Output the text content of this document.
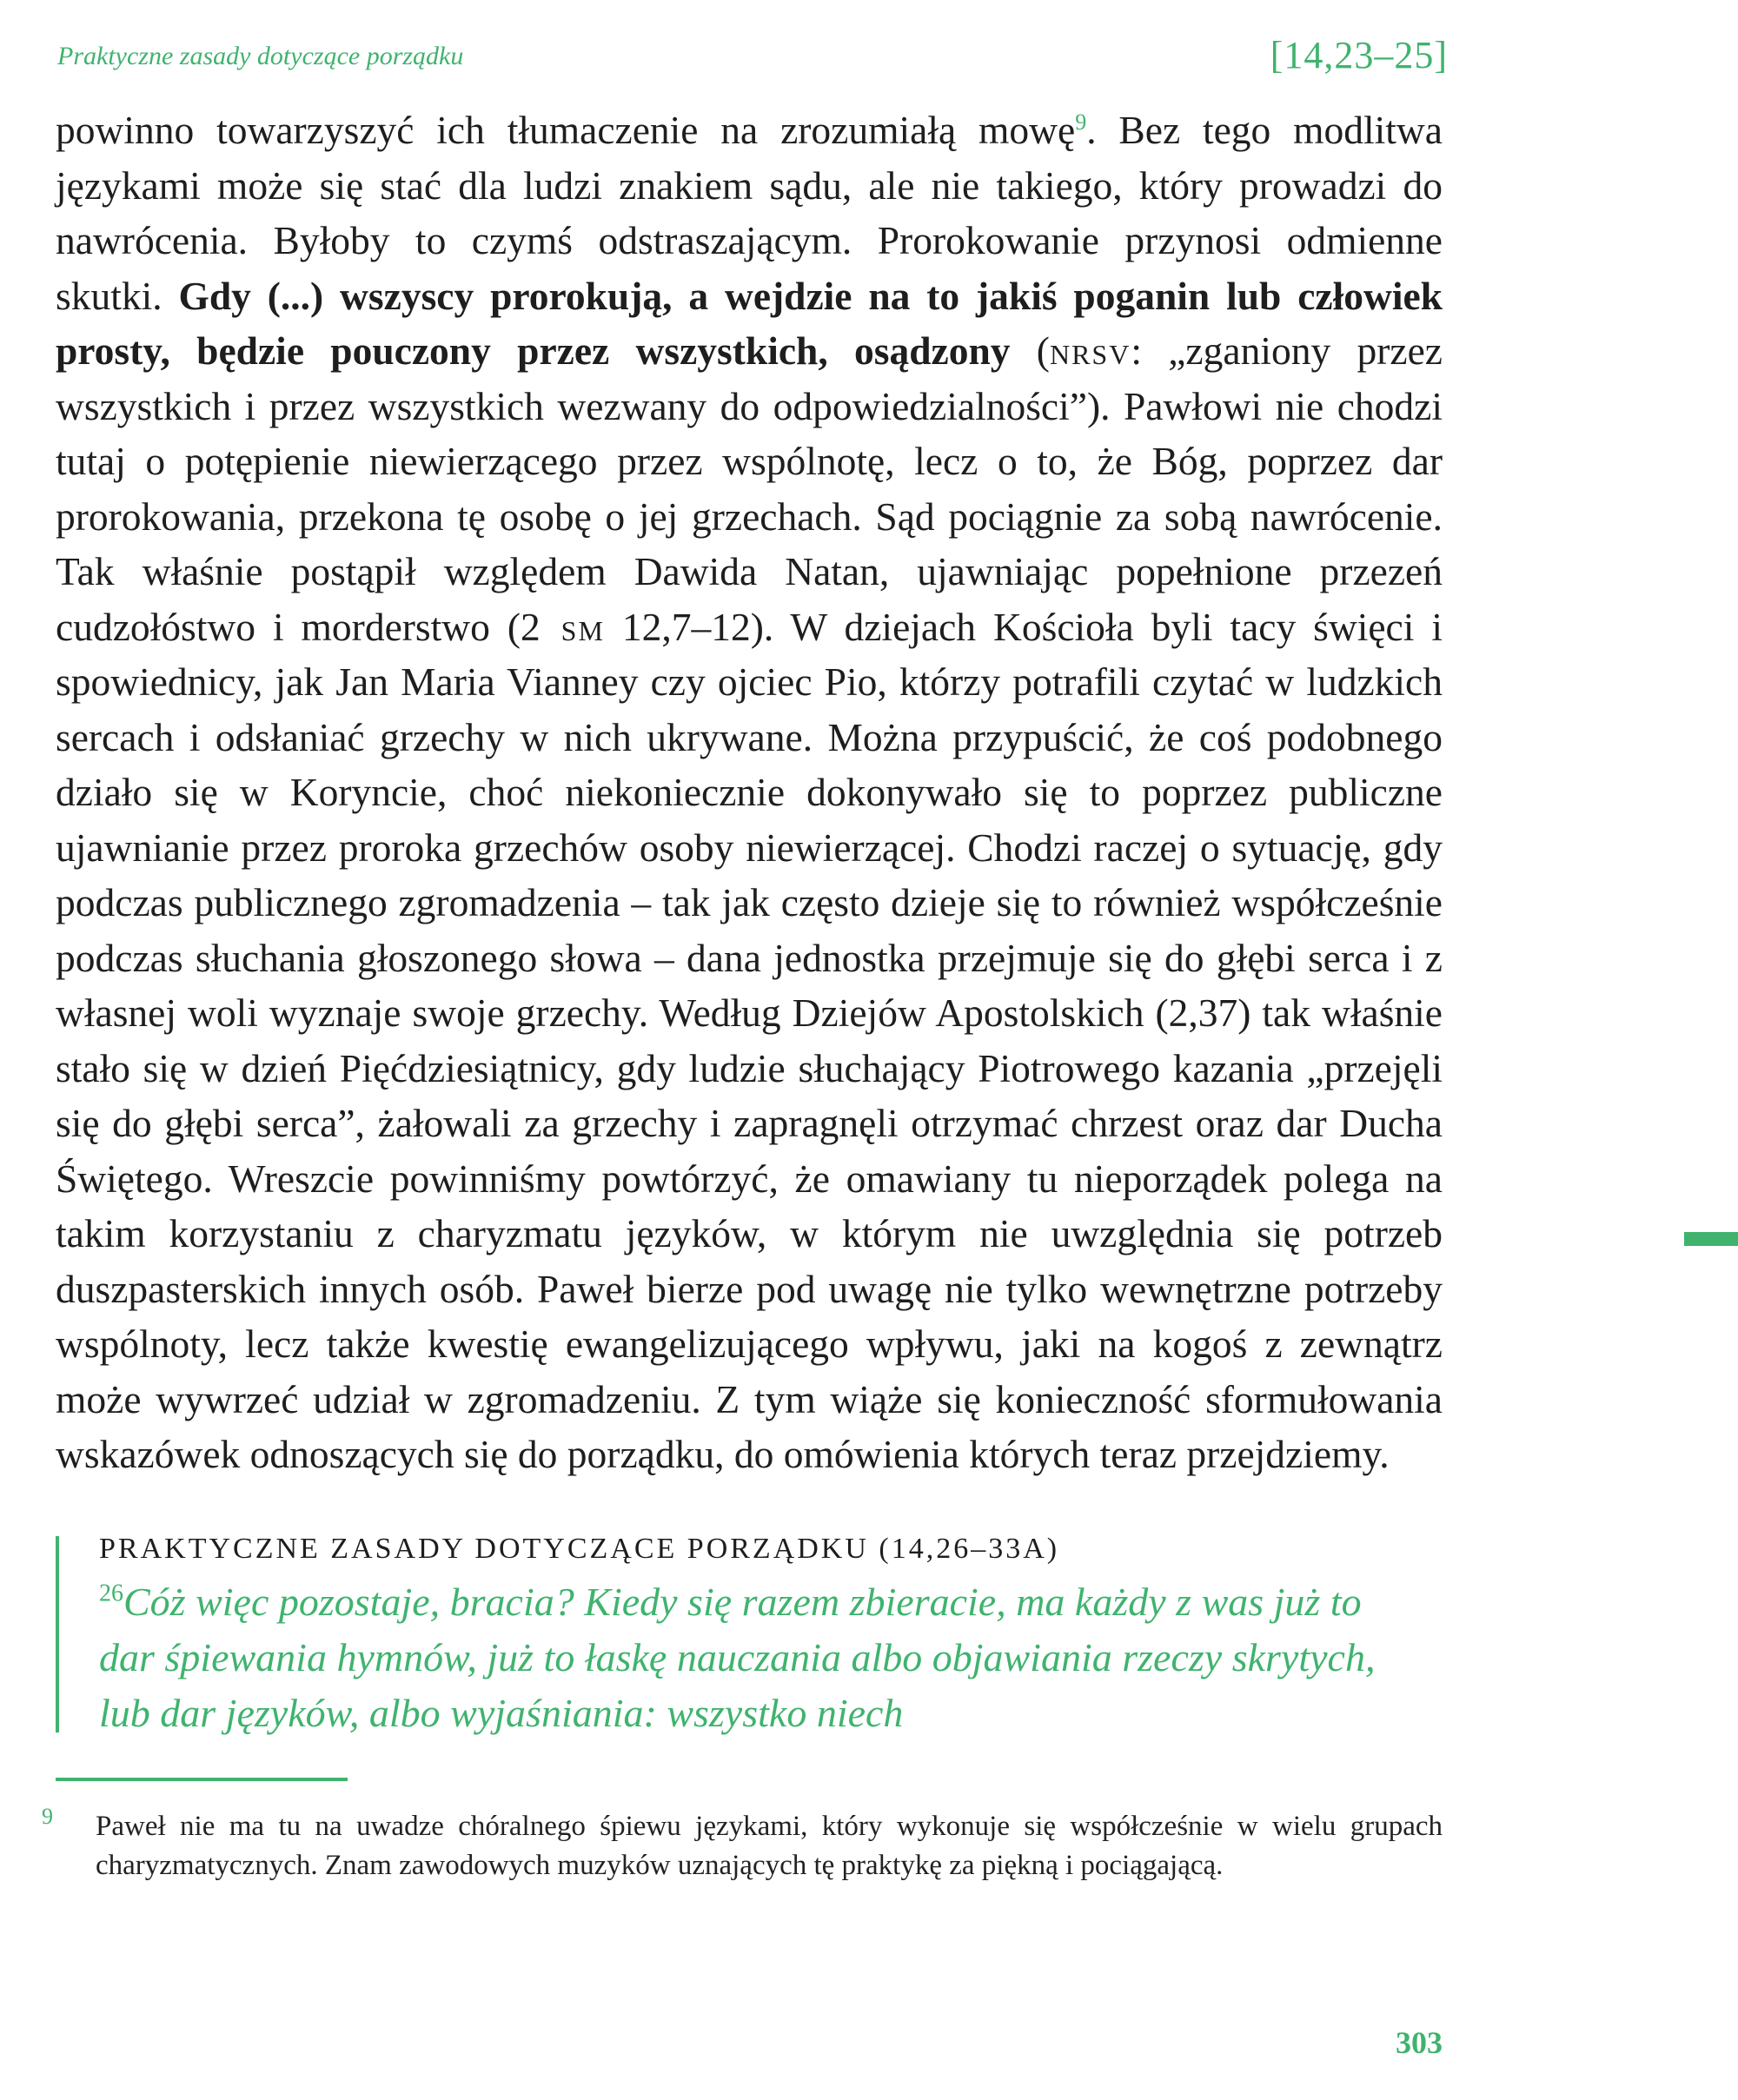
Praktyczne zasady dotyczące porządku	[14,23–25]

powinno towarzyszyć ich tłumaczenie na zrozumiałą mowę$^9$. Bez tego modlitwa językami może się stać dla ludzi znakiem sądu, ale nie takiego, który prowadzi do nawrócenia. Byłoby to czymś odstraszającym. Prorokowanie przynosi odmienne skutki. Gdy (...) wszyscy prorokują, a wejdzie na to jakiś poganin lub człowiek prosty, będzie pouczony przez wszystkich, osądzony (nrsv: „zganiony przez wszystkich i przez wszystkich wezwany do odpowiedzialności”). Pawłowi nie chodzi tutaj o potępienie niewierzącego przez wspólnotę, lecz o to, że Bóg, poprzez dar prorokowania, przekona tę osobę o jej grzechach. Sąd pociągnie za sobą nawrócenie. Tak właśnie postąpił względem Dawida Natan, ujawniając popełnione przezeń cudzołóstwo i morderstwo (2 sm 12,7–12). W dziejach Kościoła byli tacy święci i spowiednicy, jak Jan Maria Vianney czy ojciec Pio, którzy potrafili czytać w ludzkich sercach i odsłaniać grzechy w nich ukrywane. Można przypuścić, że coś podobnego działo się w Koryncie, choć niekoniecznie dokonywało się to poprzez publiczne ujawnianie przez proroka grzechów osoby niewierzącej. Chodzi raczej o sytuację, gdy podczas publicznego zgromadzenia – tak jak często dzieje się to również współcześnie podczas słuchania głoszonego słowa – dana jednostka przejmuje się do głębi serca i z własnej woli wyznaje swoje grzechy. Według Dziejów Apostolskich (2,37) tak właśnie stało się w dzień Pięćdziesiątnicy, gdy ludzie słuchający Piotrowego kazania „przejęli się do głębi serca”, żałowali za grzechy i zapragnęli otrzymać chrzest oraz dar Ducha Świętego. Wreszcie powinniśmy powtórzyć, że omawiany tu nieporządek polega na takim korzystaniu z charyzmatu języków, w którym nie uwzględnia się potrzeb duszpasterskich innych osób. Paweł bierze pod uwagę nie tylko wewnętrzne potrzeby wspólnoty, lecz także kwestię ewangelizującego wpływu, jaki na kogoś z zewnątrz może wywrzeć udział w zgromadzeniu. Z tym wiąże się konieczność sformułowania wskazówek odnoszących się do porządku, do omówienia których teraz przejdziemy.

PRAKTYCZNE ZASADY DOTYCZĄCE PORZĄDKU (14,26–33A)

$^{26}$Cóż więc pozostaje, bracia? Kiedy się razem zbieracie, ma każdy z was już to dar śpiewania hymnów, już to łaskę nauczania albo objawiania rzeczy skrytych, lub dar języków, albo wyjaśniania: wszystko niech

9 Paweł nie ma tu na uwadze chóralnego śpiewu językami, który wykonuje się współcześnie w wielu grupach charyzmatycznych. Znam zawodowych muzyków uznających tę praktykę za piękną i pociągającą.

303
